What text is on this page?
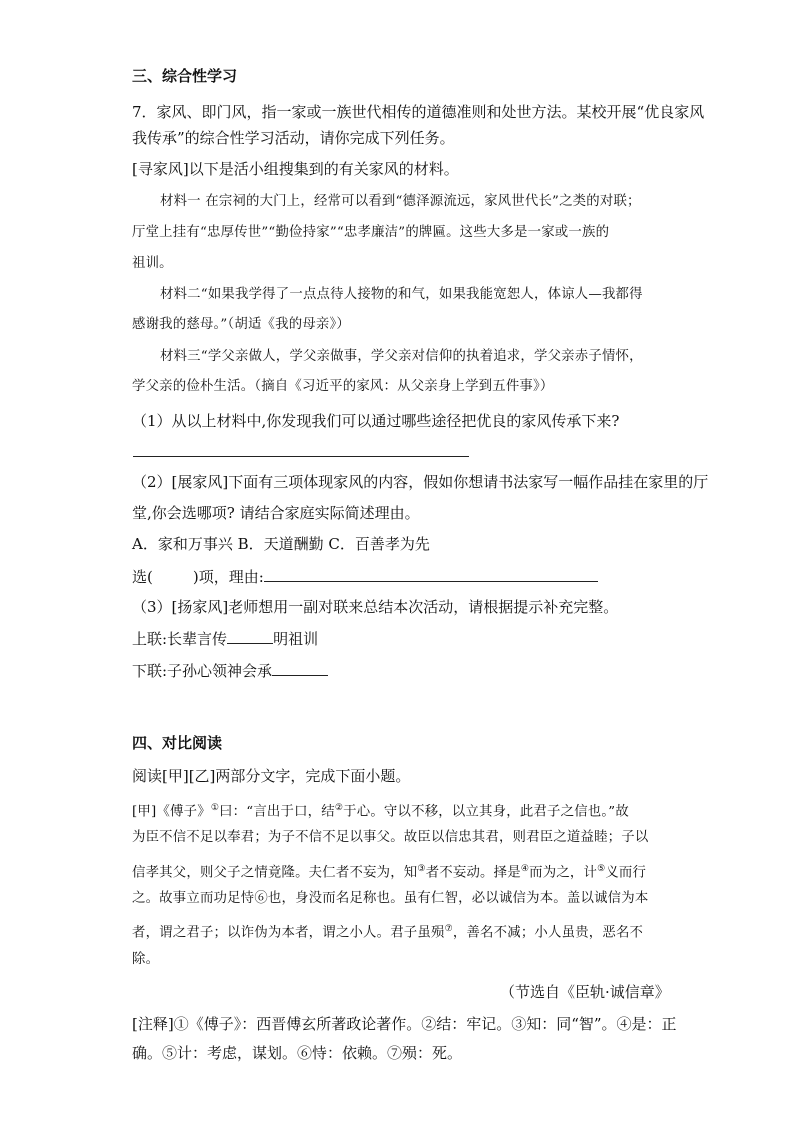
三、综合性学习
7．家风、即门风，指一家或一族世代相传的道德准则和处世方法。某校开展“优良家风
我传承”的综合性学习活动，请你完成下列任务。
[寻家风]以下是活小组搜集到的有关家风的材料。
材料一 在宗祠的大门上，经常可以看到“德泽源流远，家风世代长”之类的对联；
厅堂上挂有“忠厚传世”“勤俭持家”“忠孝廉洁”的牌匾。这些大多是一家或一族的
祖训。
材料二“如果我学得了一点点待人接物的和气，如果我能宽恕人，体谅人—我都得
感谢我的慈母。”（胡适《我的母亲》）
材料三“学父亲做人，学父亲做事，学父亲对信仰的执着追求，学父亲赤子情怀，
学父亲的俭朴生活。（摘自《习近平的家风：从父亲身上学到五件事》）
（1）从以上材料中,你发现我们可以通过哪些途径把优良的家风传承下来?
（2）[展家风]下面有三项体现家风的内容，假如你想请书法家写一幅作品挂在家里的厅
堂,你会选哪项? 请结合家庭实际简述理由。
A．家和万事兴 B．天道酬勤 C．百善孝为先
选(	)项，理由:
（3）[扬家风]老师想用一副对联来总结本次活动，请根据提示补充完整。
上联:长辈言传	明祖训
下联:子孙心领神会承
四、对比阅读
阅读[甲][乙]两部分文字，完成下面小题。
[甲]《傅子》①曰：“言出于口，结②于心。守以不移，以立其身，此君子之信也。”故
为臣不信不足以奉君；为子不信不足以事父。故臣以信忠其君，则君臣之道益睦；子以
信孝其父，则父子之情竟隆。夫仁者不妄为，知③者不妄动。择是④而为之，计⑤义而行
之。故事立而功足恃⑥也，身没而名足称也。虽有仁智，必以诚信为本。盖以诚信为本
者，谓之君子；以诈伪为本者，谓之小人。君子虽殒⑦，善名不减；小人虽贵，恶名不
除。
（节选自《臣轨·诚信章》
[注释]①《傅子》：西晋傅玄所著政论著作。②结：牢记。③知：同“智”。④是：正
确。⑤计：考虑，谋划。⑥恃：依赖。⑦殒：死。
